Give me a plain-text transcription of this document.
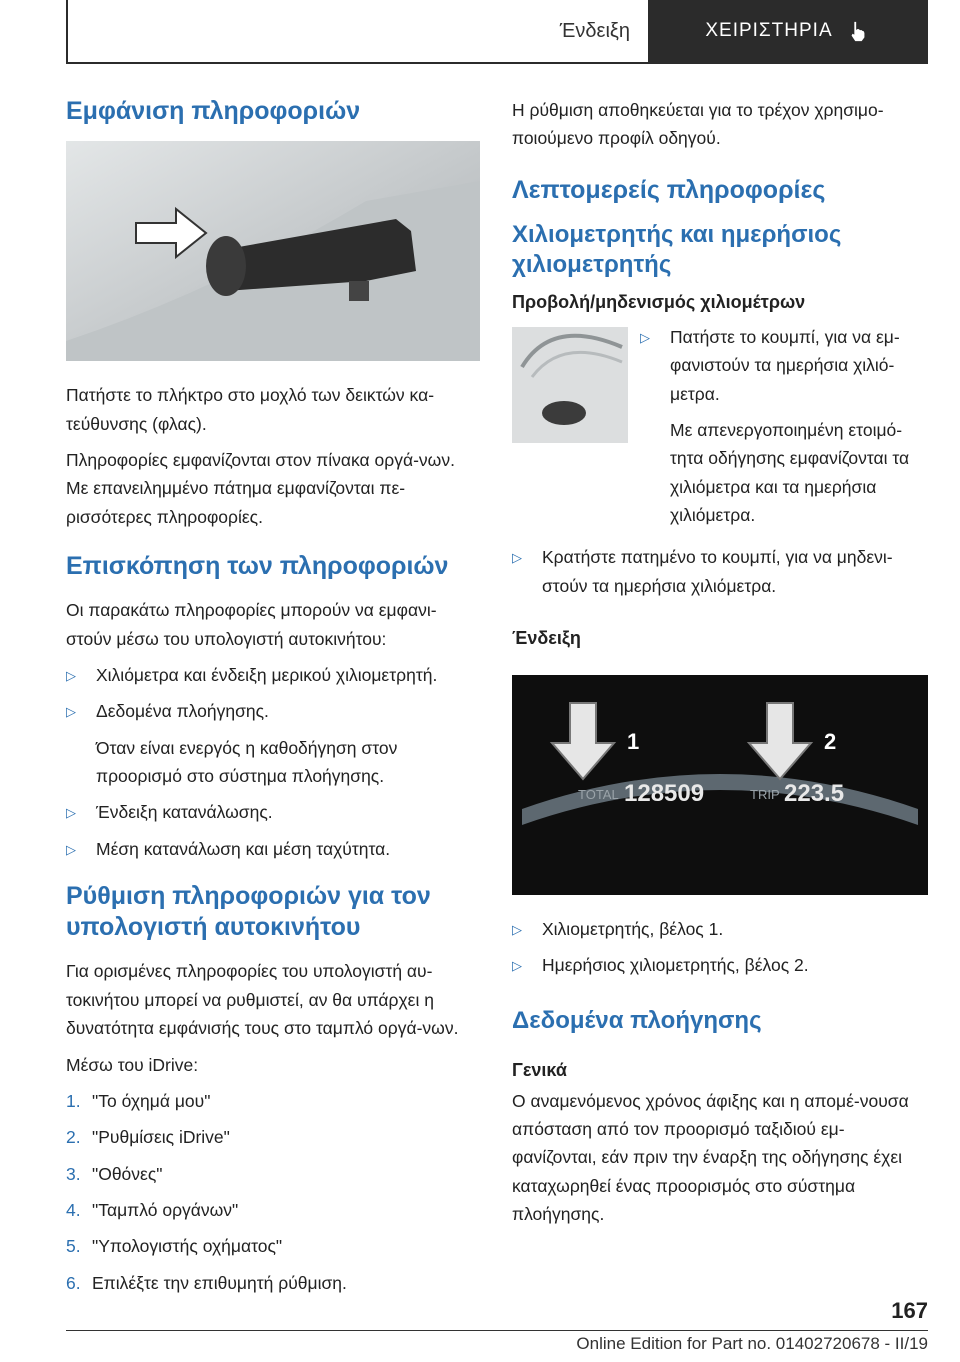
Ένδειξη	ΧΕΙΡΙΣΤΗΡΙΑ
Εμφάνιση πληροφοριών

Πατήστε το πλήκτρο στο μοχλό των δεικτών κα-τεύθυνσης (φλας).

Πληροφορίες εμφανίζονται στον πίνακα οργά-νων. Με επανειλημμένο πάτημα εμφανίζονται πε-ρισσότερες πληροφορίες.

Επισκόπηση των πληροφοριών

Οι παρακάτω πληροφορίες μπορούν να εμφανι-στούν μέσω του υπολογιστή αυτοκινήτου:

▷	Χιλιόμετρα και ένδειξη μερικού χιλιομετρητή.
▷	Δεδομένα πλοήγησης.

Όταν είναι ενεργός η καθοδήγηση στον προορισμό στο σύστημα πλοήγησης.

▷	Ένδειξη κατανάλωσης.
▷	Μέση κατανάλωση και μέση ταχύτητα.
Ρύθμιση πληροφοριών για τον υπολογιστή αυτοκινήτου

Για ορισμένες πληροφορίες του υπολογιστή αυ-τοκινήτου μπορεί να ρυθμιστεί, αν θα υπάρχει η δυνατότητα εμφάνισής τους στο ταμπλό οργά-νων.

Μέσω του iDrive:

1. "Το όχημά μου"
2. "Ρυθμίσεις iDrive"
3. "Οθόνες"
4. "Ταμπλό οργάνων"
5. "Υπολογιστής οχήματος"
6. Επιλέξτε την επιθυμητή ρύθμιση.

Η ρύθμιση αποθηκεύεται για το τρέχον χρησιμο-ποιούμενο προφίλ οδηγού.

Λεπτομερείς πληροφορίες
Χιλιομετρητής και ημερήσιος χιλιομετρητής
Προβολή/μηδενισμός χιλιομέτρων
▷	Πατήστε το κουμπί, για να εμ-φανιστούν τα ημερήσια χιλιό-μετρα.

Με απενεργοποιημένη ετοιμό-τητα οδήγησης εμφανίζονται τα χιλιόμετρα και τα ημερήσια χιλιόμετρα.

▷	Κρατήστε πατημένο το κουμπί, για να μηδενι-στούν τα ημερήσια χιλιόμετρα.
Ένδειξη
1	2
TOTAL 128509	TRIP 223.5
▷	Χιλιομετρητής, βέλος 1.
▷	Ημερήσιος χιλιομετρητής, βέλος 2.
Δεδομένα πλοήγησης
Γενικά

Ο αναμενόμενος χρόνος άφιξης και η απομέ-νουσα απόσταση από τον προορισμό ταξιδιού εμ-φανίζονται, εάν πριν την έναρξη της οδήγησης έχει καταχωρηθεί ένας προορισμός στο σύστημα πλοήγησης.

167
Online Edition for Part no. 01402720678 - II/19
